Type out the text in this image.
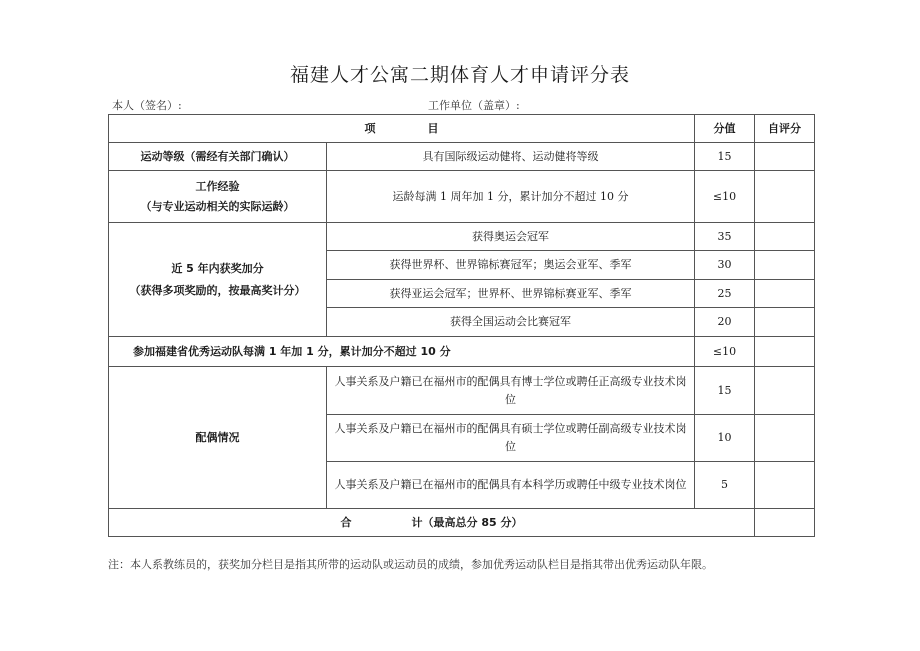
福建人才公寓二期体育人才申请评分表
本人（签名）:	工作单位（盖章）:
项 目		分值	自评分
运动等级（需经有关部门确认）	具有国际级运动健将、运动健将等级	15	

工作经验
（与专业运动相关的实际运龄）	运龄每满 1 周年加 1 分，累计加分不超过 10 分	≤10	

近 5 年内获奖加分
（获得多项奖励的，按最高奖计分）	获得奥运会冠军	35	
	获得世界杯、世界锦标赛冠军；奥运会亚军、季军	30	
	获得亚运会冠军；世界杯、世界锦标赛亚军、季军	25	
	获得全国运动会比赛冠军	20	
参加福建省优秀运动队每满 1 年加 1 分，累计加分不超过 10 分		≤10	
配偶情况	人事关系及户籍已在福州市的配偶具有博士学位或聘任正高级专业技术岗位	15	
	人事关系及户籍已在福州市的配偶具有硕士学位或聘任副高级专业技术岗位	10	
	人事关系及户籍已在福州市的配偶具有本科学历或聘任中级专业技术岗位	5	
合 计（最高总分 85 分）			
注：本人系教练员的，获奖加分栏目是指其所带的运动队或运动员的成绩，参加优秀运动队栏目是指其带出优秀运动队年限。
